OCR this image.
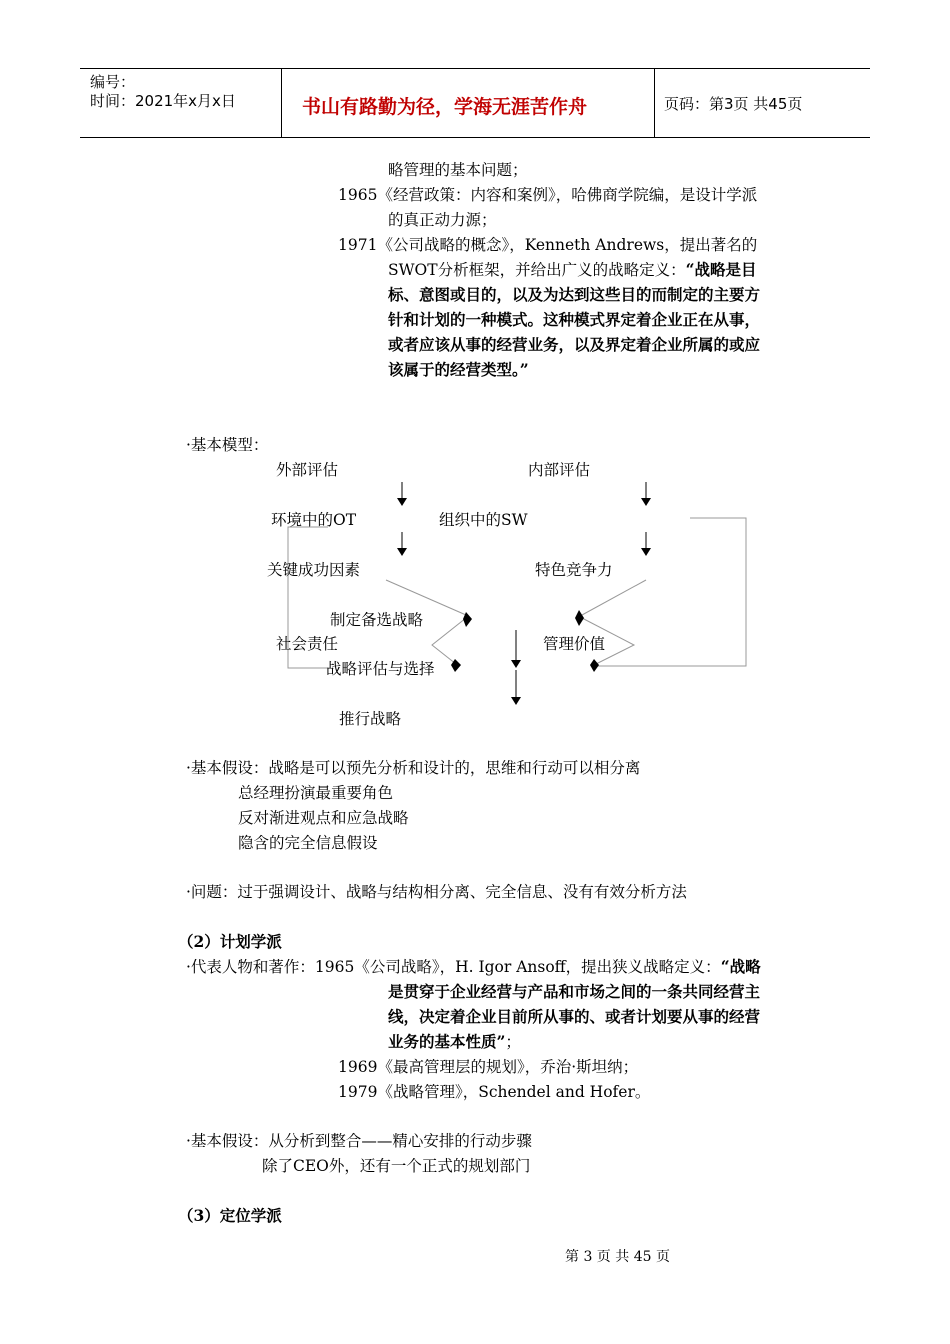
编号：
时间：2021年x月x日	书山有路勤为径，学海无涯苦作舟	页码：第3页 共45页
略管理的基本问题；
1965《经营政策：内容和案例》，哈佛商学院编，是设计学派
的真正动力源；
1971《公司战略的概念》，Kenneth Andrews，提出著名的
SWOT分析框架，并给出广义的战略定义：“战略是目
标、意图或目的，以及为达到这些目的而制定的主要方
针和计划的一种模式。这种模式界定着企业正在从事，
或者应该从事的经营业务，以及界定着企业所属的或应
该属于的经营类型。”
·基本模型：
外部评估	内部评估
环境中的OT	组织中的SW
关键成功因素	特色竞争力
制定备选战略
社会责任	管理价值
战略评估与选择
推行战略
·基本假设：战略是可以预先分析和设计的，思维和行动可以相分离
总经理扮演最重要角色
反对渐进观点和应急战略
隐含的完全信息假设
·问题：过于强调设计、战略与结构相分离、完全信息、没有有效分析方法
（2）计划学派
·代表人物和著作：1965《公司战略》，H. Igor Ansoff，提出狭义战略定义：“战略
是贯穿于企业经营与产品和市场之间的一条共同经营主
线，决定着企业目前所从事的、或者计划要从事的经营
业务的基本性质”；
1969《最高管理层的规划》，乔治·斯坦纳；
1979《战略管理》，Schendel and Hofer。
·基本假设：从分析到整合——精心安排的行动步骤
除了CEO外，还有一个正式的规划部门
（3）定位学派
第 3 页 共 45 页
